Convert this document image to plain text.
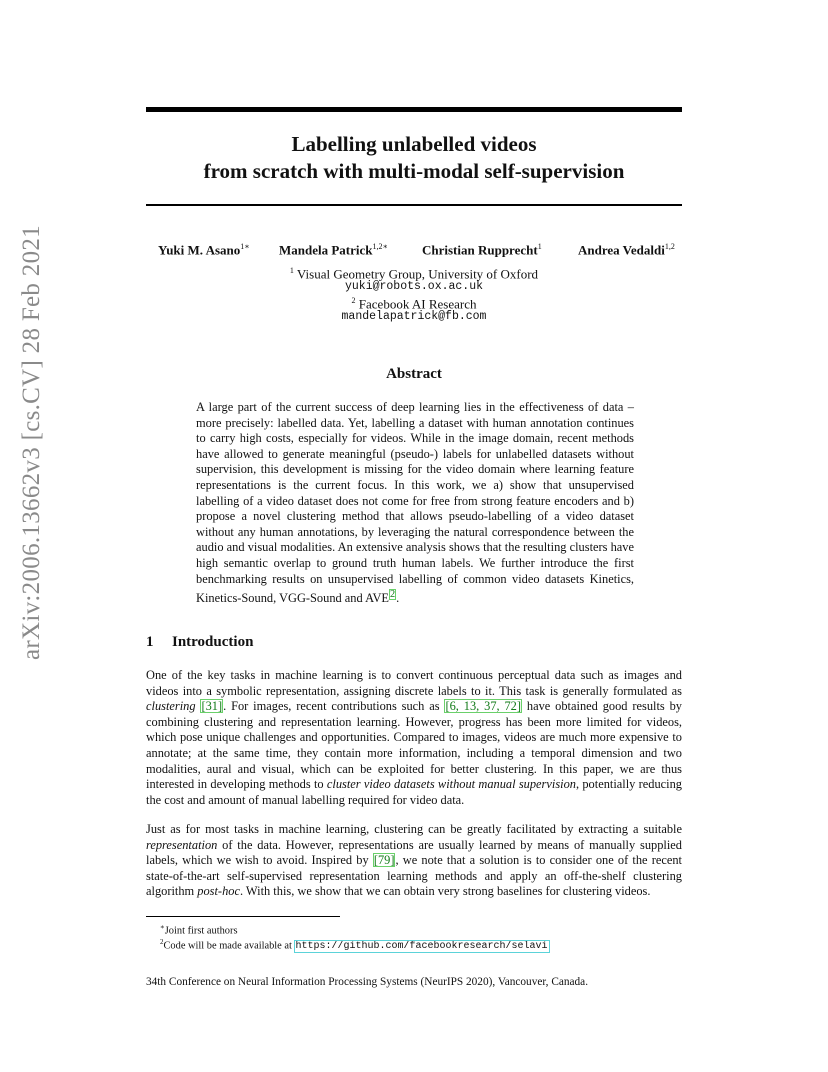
arXiv:2006.13662v3 [cs.CV] 28 Feb 2021
Labelling unlabelled videos
from scratch with multi-modal self-supervision
Yuki M. Asano$^{1∗}$ Mandela Patrick$^{1,2∗}$	Christian Rupprecht$^1$	Andrea Vedaldi$^{1,2}$
$^1$ Visual Geometry Group, University of Oxford
yuki@robots.ox.ac.uk
$^2$ Facebook AI Research
mandelapatrick@fb.com
Abstract
A large part of the current success of deep learning lies in the effectiveness of data – more precisely: labelled data. Yet, labelling a dataset with human annotation continues to carry high costs, especially for videos. While in the image domain, recent methods have allowed to generate meaningful (pseudo-) labels for unlabelled datasets without supervision, this development is missing for the video domain where learning feature representations is the current focus. In this work, we a) show that unsupervised labelling of a video dataset does not come for free from strong feature encoders and b) propose a novel clustering method that allows pseudo-labelling of a video dataset without any human annotations, by leveraging the natural correspondence between the audio and visual modalities. An extensive analysis shows that the resulting clusters have high semantic overlap to ground truth human labels. We further introduce the first benchmarking results on unsupervised labelling of common video datasets Kinetics, Kinetics-Sound, VGG-Sound and AVE$^2$.
1 Introduction
One of the key tasks in machine learning is to convert continuous perceptual data such as images and videos into a symbolic representation, assigning discrete labels to it. This task is generally formulated as clustering [31]. For images, recent contributions such as [6, 13, 37, 72] have obtained good results by combining clustering and representation learning. However, progress has been more limited for videos, which pose unique challenges and opportunities. Compared to images, videos are much more expensive to annotate; at the same time, they contain more information, including a temporal dimension and two modalities, aural and visual, which can be exploited for better clustering. In this paper, we are thus interested in developing methods to cluster video datasets without manual supervision, potentially reducing the cost and amount of manual labelling required for video data.
Just as for most tasks in machine learning, clustering can be greatly facilitated by extracting a suitable representation of the data. However, representations are usually learned by means of manually supplied labels, which we wish to avoid. Inspired by [79], we note that a solution is to consider one of the recent state-of-the-art self-supervised representation learning methods and apply an off-the-shelf clustering algorithm post-hoc. With this, we show that we can obtain very strong baselines for clustering videos.
∗Joint first authors
$^2$Code will be made available at https://github.com/facebookresearch/selavi
34th Conference on Neural Information Processing Systems (NeurIPS 2020), Vancouver, Canada.
